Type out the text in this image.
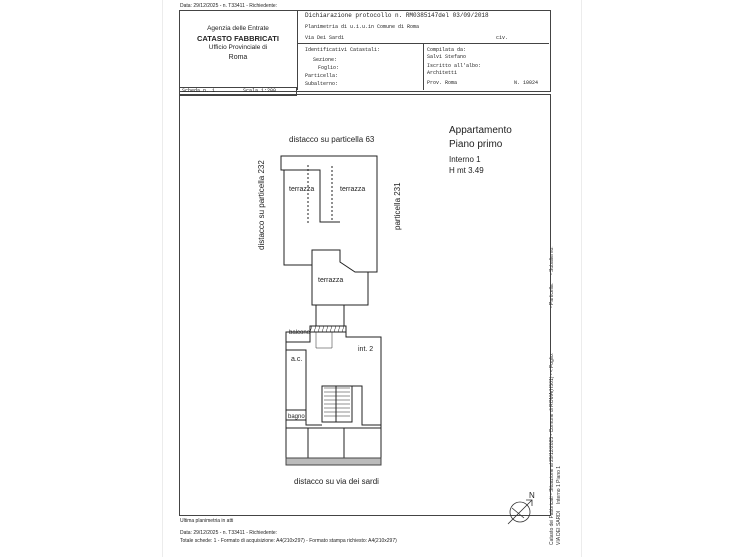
Data: 29/12/2025 - n. T33411 - Richiedente:
Agenzia delle Entrate
CATASTO FABBRICATI
Ufficio Provinciale di
Roma
Dichiarazione protocollo n. RM0385147del 03/09/2018
Planimetria di u.i.u.in Comune di Roma
Via Dei Sardi	civ.
Identificativi Catastali:
Sezione:
Foglio:
Particella:
Subalterno:
Compilata da:
Salvi Stefano
Iscritto all'albo:
Architetti
Prov. Roma	N. 10024
Scheda n. 1	Scala 1:200
Appartamento
Piano primo
Interno 1
H mt 3.49
distacco su particella 63
distacco su particella 232	particella 231
terrazza	terrazza
terrazza
balcone
a.c.
int. 2
bagno
distacco su via dei sardi
N	Catasto dei Fabbricati - Situazione al 29/12/2025 - Comune di ROMA(H501) - < Foglio:
- Particella:
- Subalterno:
VIA DEI SARDI
Interno 1 Piano 1
Ultima planimetria in atti
Data: 29/12/2025 - n. T33411 - Richiedente:
Totale schede: 1 - Formato di acquisizione: A4(210x297) - Formato stampa richiesto: A4(210x297)
